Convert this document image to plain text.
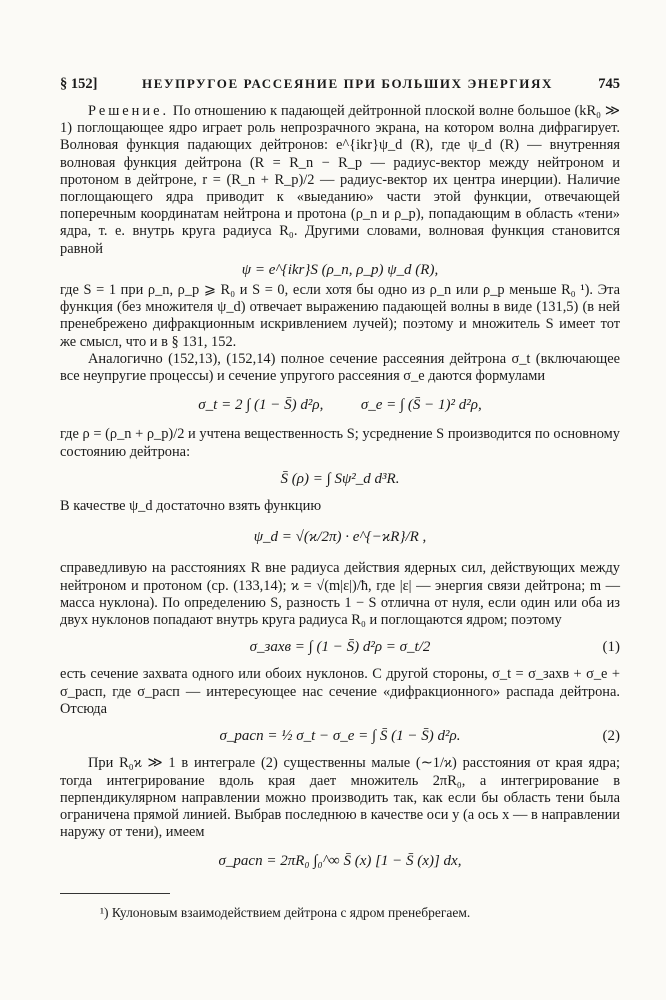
§ 152]	НЕУПРУГОЕ РАССЕЯНИЕ ПРИ БОЛЬШИХ ЭНЕРГИЯХ	745

Решение. По отношению к падающей дейтронной плоской волне большое (kR₀ ≫ 1) поглощающее ядро играет роль непрозрачного экрана, на котором волна дифрагирует. Волновая функция падающих дейтронов: e^{ikr}ψ_d (R), где ψ_d (R) — внутренняя волновая функция дейтрона (R = R_n − R_p — радиус-вектор между нейтроном и протоном в дейтроне, r = (R_n + R_p)/2 — радиус-вектор их центра инерции). Наличие поглощающего ядра приводит к «выеданию» части этой функции, отвечающей поперечным координатам нейтрона и протона (ρ_n и ρ_p), попадающим в область «тени» ядра, т. е. внутрь круга радиуса R₀. Другими словами, волновая функция становится равной

ψ = e^{ikr}S (ρ_n, ρ_p) ψ_d (R),

где S = 1 при ρ_n, ρ_p ⩾ R₀ и S = 0, если хотя бы одно из ρ_n или ρ_p меньше R₀ ¹). Эта функция (без множителя ψ_d) отвечает выражению падающей волны в виде (131,5) (в ней пренебрежено дифракционным искривлением лучей); поэтому и множитель S имеет тот же смысл, что и в § 131, 152.

Аналогично (152,13), (152,14) полное сечение рассеяния дейтрона σ_t (включающее все неупругие процессы) и сечение упругого рассеяния σ_e даются формулами

σ_t = 2 ∫ (1 − S̄) d²ρ,          σ_e = ∫ (S̄ − 1)² d²ρ,

где ρ = (ρ_n + ρ_p)/2 и учтена вещественность S; усреднение S производится по основному состоянию дейтрона:

S̄ (ρ) = ∫ Sψ²_d d³R.

В качестве ψ_d достаточно взять функцию

ψ_d = √(ϰ/2π) · e^{−ϰR}/R ,

справедливую на расстояниях R вне радиуса действия ядерных сил, действующих между нейтроном и протоном (ср. (133,14); ϰ = √(m|ε|)/ħ, где |ε| — энергия связи дейтрона; m — масса нуклона). По определению S, разность 1 − S отлична от нуля, если один или оба из двух нуклонов попадают внутрь круга радиуса R₀ и поглощаются ядром; поэтому

σ_захв = ∫ (1 − S̄) d²ρ = σ_t/2	(1)

есть сечение захвата одного или обоих нуклонов. С другой стороны, σ_t = σ_захв + σ_e + σ_расп, где σ_расп — интересующее нас сечение «дифракционного» распада дейтрона. Отсюда

σ_расп = ½ σ_t − σ_e = ∫ S̄ (1 − S̄) d²ρ.	(2)

При R₀ϰ ≫ 1 в интеграле (2) существенны малые (∼1/ϰ) расстояния от края ядра; тогда интегрирование вдоль края дает множитель 2πR₀, а интегрирование в перпендикулярном направлении можно производить так, как если бы область тени была ограничена прямой линией. Выбрав последнюю в качестве оси y (а ось x — в направлении наружу от тени), имеем

σ_расп = 2πR₀ ∫₀^∞ S̄ (x) [1 − S̄ (x)] dx,
¹) Кулоновым взаимодействием дейтрона с ядром пренебрегаем.
